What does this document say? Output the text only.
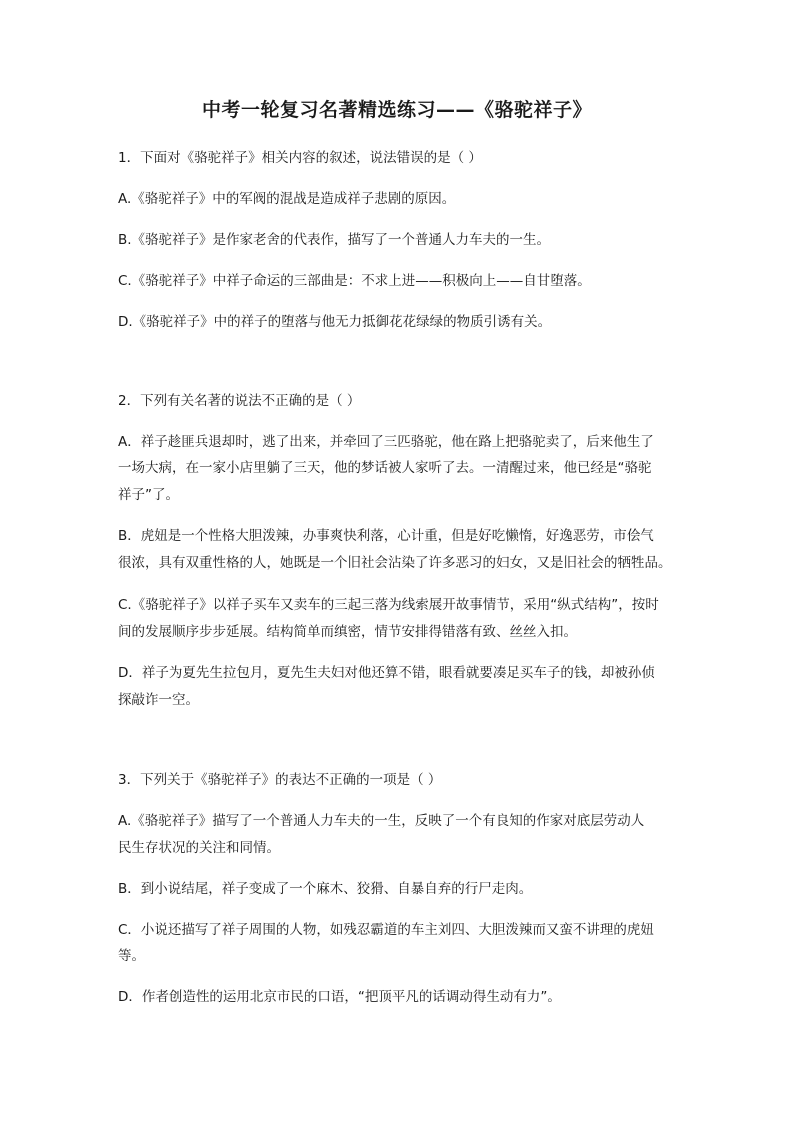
中考一轮复习名著精选练习——《骆驼祥子》
1．下面对《骆驼祥子》相关内容的叙述，说法错误的是（ ）
A.《骆驼祥子》中的军阀的混战是造成祥子悲剧的原因。
B.《骆驼祥子》是作家老舍的代表作，描写了一个普通人力车夫的一生。
C.《骆驼祥子》中祥子命运的三部曲是：不求上进——积极向上——自甘堕落。
D.《骆驼祥子》中的祥子的堕落与他无力抵御花花绿绿的物质引诱有关。
2．下列有关名著的说法不正确的是（ ）
A．祥子趁匪兵退却时，逃了出来，并牵回了三匹骆驼，他在路上把骆驼卖了，后来他生了
一场大病，在一家小店里躺了三天，他的梦话被人家听了去。一清醒过来，他已经是“骆驼
祥子”了。
B．虎妞是一个性格大胆泼辣，办事爽快利落，心计重，但是好吃懒惰，好逸恶劳，市侩气
很浓，具有双重性格的人，她既是一个旧社会沾染了许多恶习的妇女，又是旧社会的牺牲品。
C.《骆驼祥子》以祥子买车又卖车的三起三落为线索展开故事情节，采用“纵式结构”，按时
间的发展顺序步步延展。结构简单而缜密，情节安排得错落有致、丝丝入扣。
D．祥子为夏先生拉包月，夏先生夫妇对他还算不错，眼看就要凑足买车子的钱，却被孙侦
探敲诈一空。
3．下列关于《骆驼祥子》的表达不正确的一项是（ ）
A.《骆驼祥子》描写了一个普通人力车夫的一生，反映了一个有良知的作家对底层劳动人
民生存状况的关注和同情。
B．到小说结尾，祥子变成了一个麻木、狡猾、自暴自弃的行尸走肉。
C．小说还描写了祥子周围的人物，如残忍霸道的车主刘四、大胆泼辣而又蛮不讲理的虎妞
等。
D．作者创造性的运用北京市民的口语，“把顶平凡的话调动得生动有力”。
